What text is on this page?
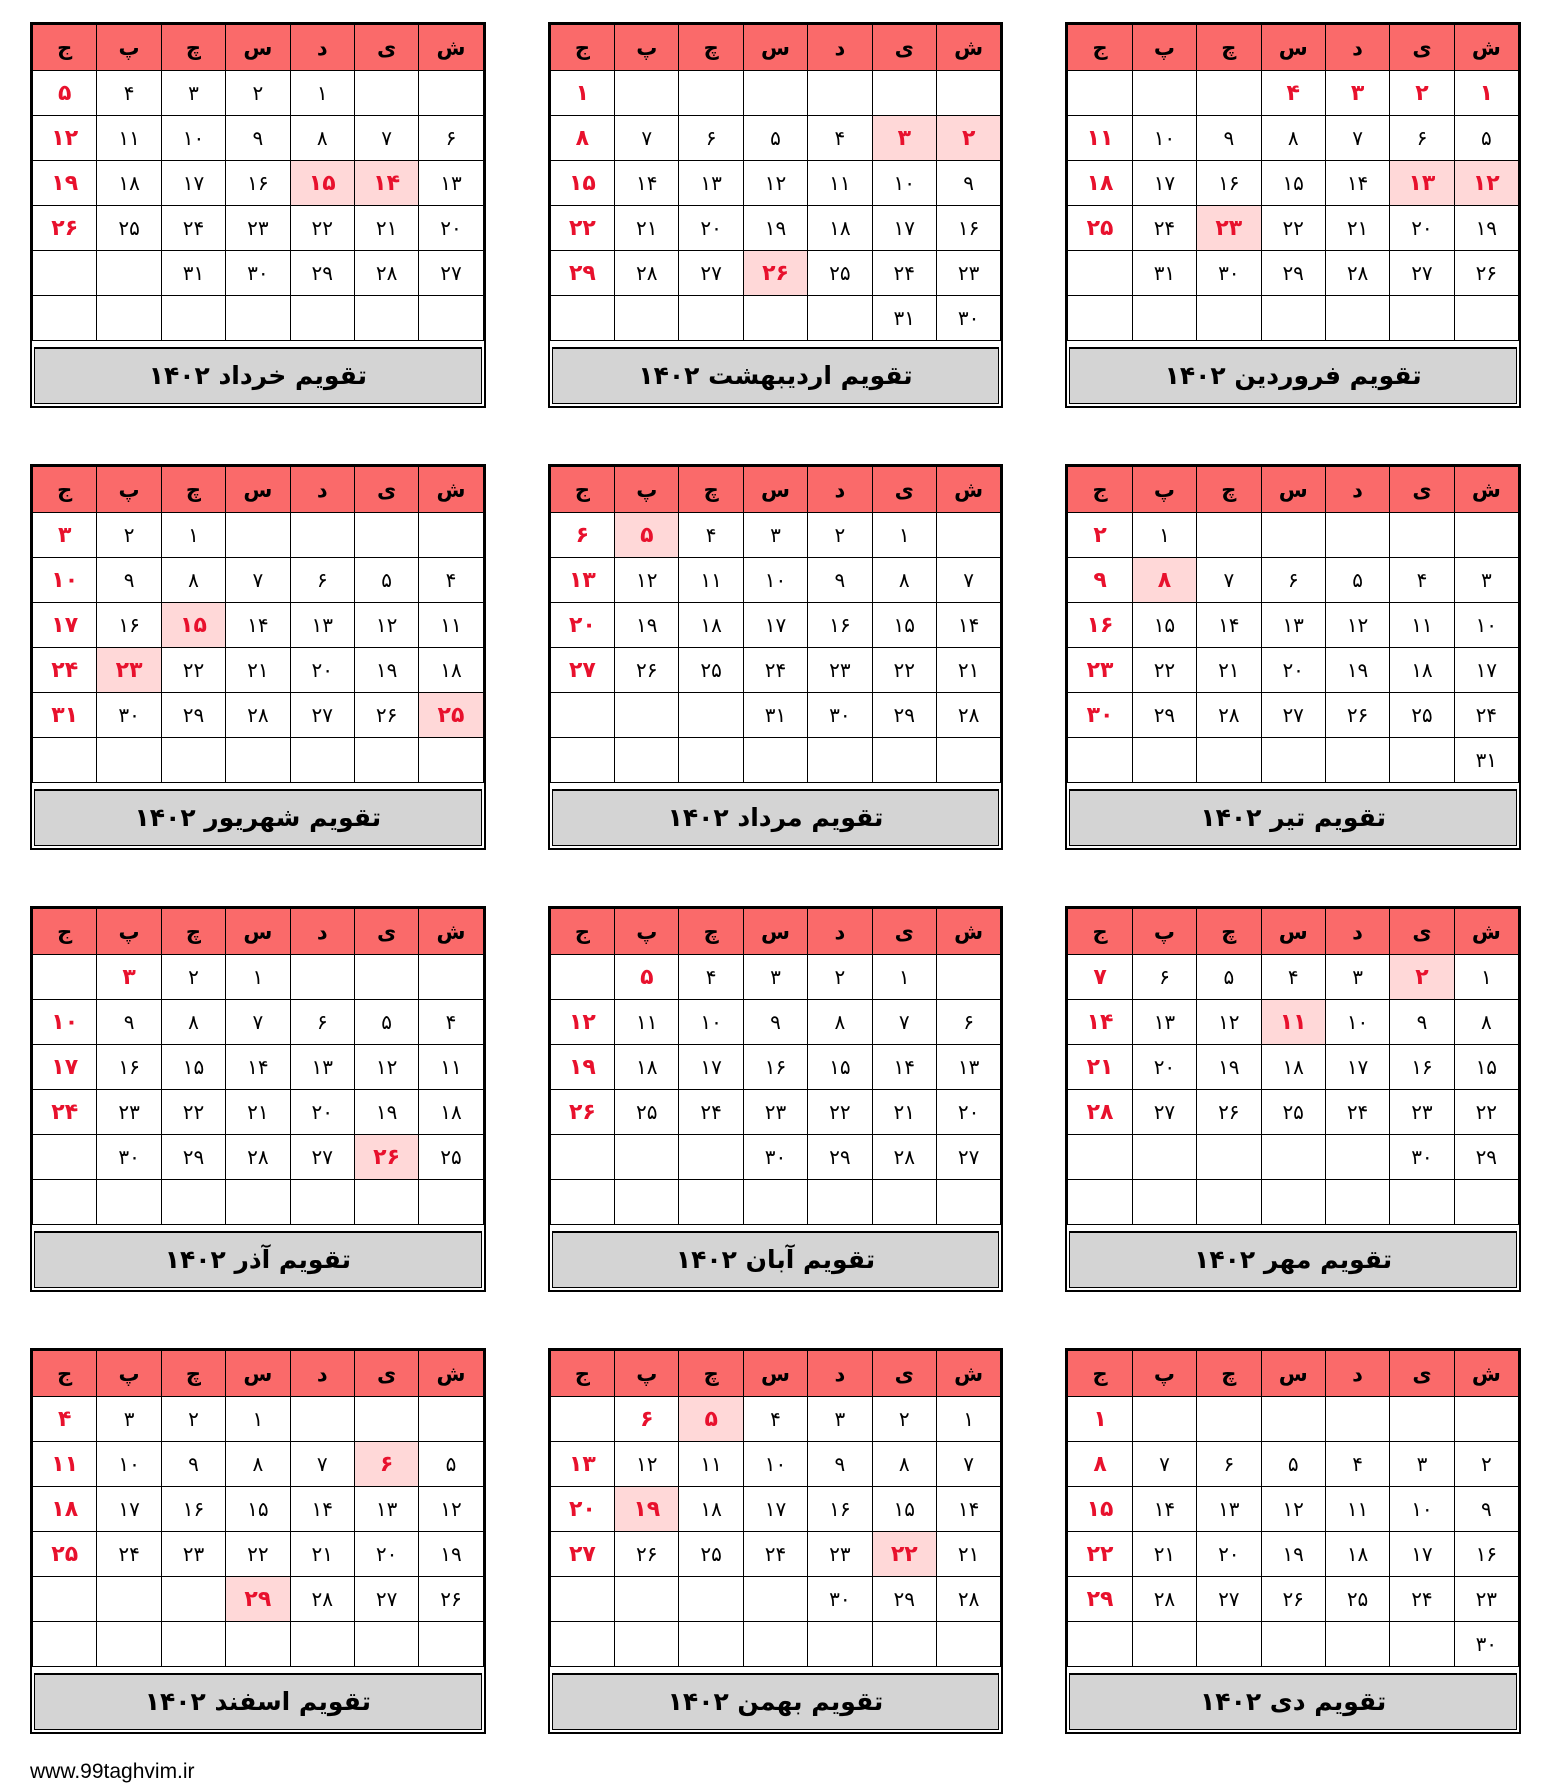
ش	ی	د	س	چ	پ	ج
۱	۲	۳	۴			
۵	۶	۷	۸	۹	۱۰	۱۱
۱۲	۱۳	۱۴	۱۵	۱۶	۱۷	۱۸
۱۹	۲۰	۲۱	۲۲	۲۳	۲۴	۲۵
۲۶	۲۷	۲۸	۲۹	۳۰	۳۱	

تقویم فروردین ۱۴۰۲
ش	ی	د	س	چ	پ	ج
						۱
۲	۳	۴	۵	۶	۷	۸
۹	۱۰	۱۱	۱۲	۱۳	۱۴	۱۵
۱۶	۱۷	۱۸	۱۹	۲۰	۲۱	۲۲
۲۳	۲۴	۲۵	۲۶	۲۷	۲۸	۲۹
۳۰	۳۱					
تقویم اردیبهشت ۱۴۰۲
ش	ی	د	س	چ	پ	ج
		۱	۲	۳	۴	۵
۶	۷	۸	۹	۱۰	۱۱	۱۲
۱۳	۱۴	۱۵	۱۶	۱۷	۱۸	۱۹
۲۰	۲۱	۲۲	۲۳	۲۴	۲۵	۲۶
۲۷	۲۸	۲۹	۳۰	۳۱		

تقویم خرداد ۱۴۰۲
ش	ی	د	س	چ	پ	ج
					۱	۲
۳	۴	۵	۶	۷	۸	۹
۱۰	۱۱	۱۲	۱۳	۱۴	۱۵	۱۶
۱۷	۱۸	۱۹	۲۰	۲۱	۲۲	۲۳
۲۴	۲۵	۲۶	۲۷	۲۸	۲۹	۳۰
۳۱						
تقویم تیر ۱۴۰۲
ش	ی	د	س	چ	پ	ج
	۱	۲	۳	۴	۵	۶
۷	۸	۹	۱۰	۱۱	۱۲	۱۳
۱۴	۱۵	۱۶	۱۷	۱۸	۱۹	۲۰
۲۱	۲۲	۲۳	۲۴	۲۵	۲۶	۲۷
۲۸	۲۹	۳۰	۳۱			

تقویم مرداد ۱۴۰۲
ش	ی	د	س	چ	پ	ج
				۱	۲	۳
۴	۵	۶	۷	۸	۹	۱۰
۱۱	۱۲	۱۳	۱۴	۱۵	۱۶	۱۷
۱۸	۱۹	۲۰	۲۱	۲۲	۲۳	۲۴
۲۵	۲۶	۲۷	۲۸	۲۹	۳۰	۳۱

تقویم شهریور ۱۴۰۲
ش	ی	د	س	چ	پ	ج
۱	۲	۳	۴	۵	۶	۷
۸	۹	۱۰	۱۱	۱۲	۱۳	۱۴
۱۵	۱۶	۱۷	۱۸	۱۹	۲۰	۲۱
۲۲	۲۳	۲۴	۲۵	۲۶	۲۷	۲۸
۲۹	۳۰					

تقویم مهر ۱۴۰۲
ش	ی	د	س	چ	پ	ج
	۱	۲	۳	۴	۵	
۶	۷	۸	۹	۱۰	۱۱	۱۲
۱۳	۱۴	۱۵	۱۶	۱۷	۱۸	۱۹
۲۰	۲۱	۲۲	۲۳	۲۴	۲۵	۲۶
۲۷	۲۸	۲۹	۳۰			

تقویم آبان ۱۴۰۲
ش	ی	د	س	چ	پ	ج
			۱	۲	۳	
۴	۵	۶	۷	۸	۹	۱۰
۱۱	۱۲	۱۳	۱۴	۱۵	۱۶	۱۷
۱۸	۱۹	۲۰	۲۱	۲۲	۲۳	۲۴
۲۵	۲۶	۲۷	۲۸	۲۹	۳۰	

تقویم آذر ۱۴۰۲
ش	ی	د	س	چ	پ	ج
						۱
۲	۳	۴	۵	۶	۷	۸
۹	۱۰	۱۱	۱۲	۱۳	۱۴	۱۵
۱۶	۱۷	۱۸	۱۹	۲۰	۲۱	۲۲
۲۳	۲۴	۲۵	۲۶	۲۷	۲۸	۲۹
۳۰						
تقویم دی ۱۴۰۲
ش	ی	د	س	چ	پ	ج
۱	۲	۳	۴	۵	۶	
۷	۸	۹	۱۰	۱۱	۱۲	۱۳
۱۴	۱۵	۱۶	۱۷	۱۸	۱۹	۲۰
۲۱	۲۲	۲۳	۲۴	۲۵	۲۶	۲۷
۲۸	۲۹	۳۰				

تقویم بهمن ۱۴۰۲
ش	ی	د	س	چ	پ	ج
			۱	۲	۳	۴
۵	۶	۷	۸	۹	۱۰	۱۱
۱۲	۱۳	۱۴	۱۵	۱۶	۱۷	۱۸
۱۹	۲۰	۲۱	۲۲	۲۳	۲۴	۲۵
۲۶	۲۷	۲۸	۲۹			

تقویم اسفند ۱۴۰۲
www.99taghvim.ir
